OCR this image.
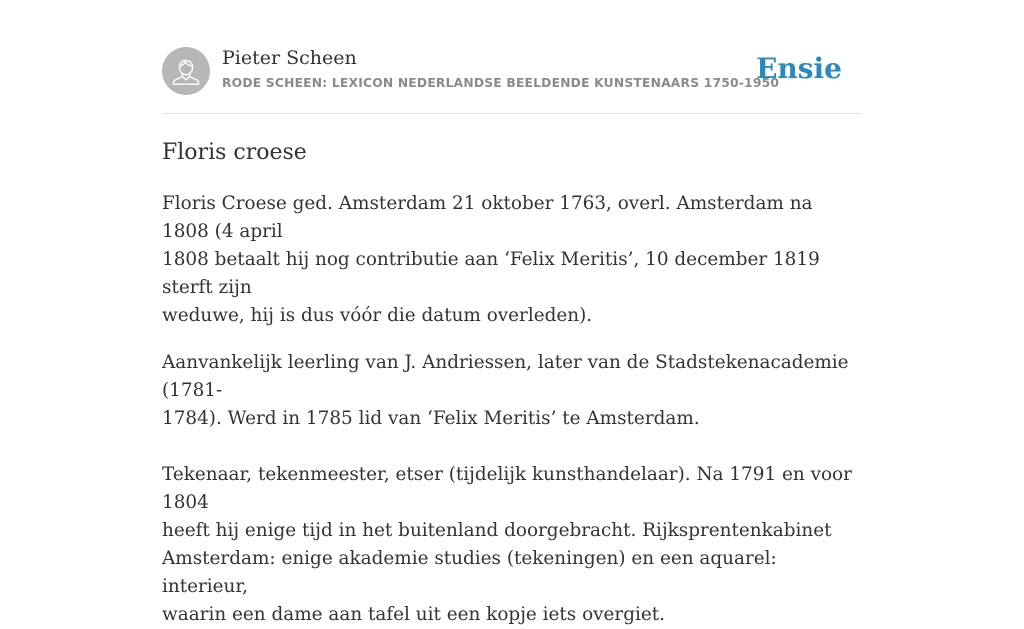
Pieter Scheen
RODE SCHEEN: LEXICON NEDERLANDSE BEELDENDE KUNSTENAARS 1750-1950
Ensie
Floris croese

Floris Croese ged. Amsterdam 21 oktober 1763, overl. Amsterdam na 1808 (4 april
1808 betaalt hij nog contributie aan ‘Felix Meritis’, 10 december 1819 sterft zijn
weduwe, hij is dus vóór die datum overleden).

Aanvankelijk leerling van J. Andriessen, later van de Stadstekenacademie (1781-
1784). Werd in 1785 lid van ‘Felix Meritis’ te Amsterdam.

Tekenaar, tekenmeester, etser (tijdelijk kunsthandelaar). Na 1791 en voor 1804
heeft hij enige tijd in het buitenland doorgebracht. Rijksprentenkabinet
Amsterdam: enige akademie studies (tekeningen) en een aquarel: interieur,
waarin een dame aan tafel uit een kopje iets overgiet.
